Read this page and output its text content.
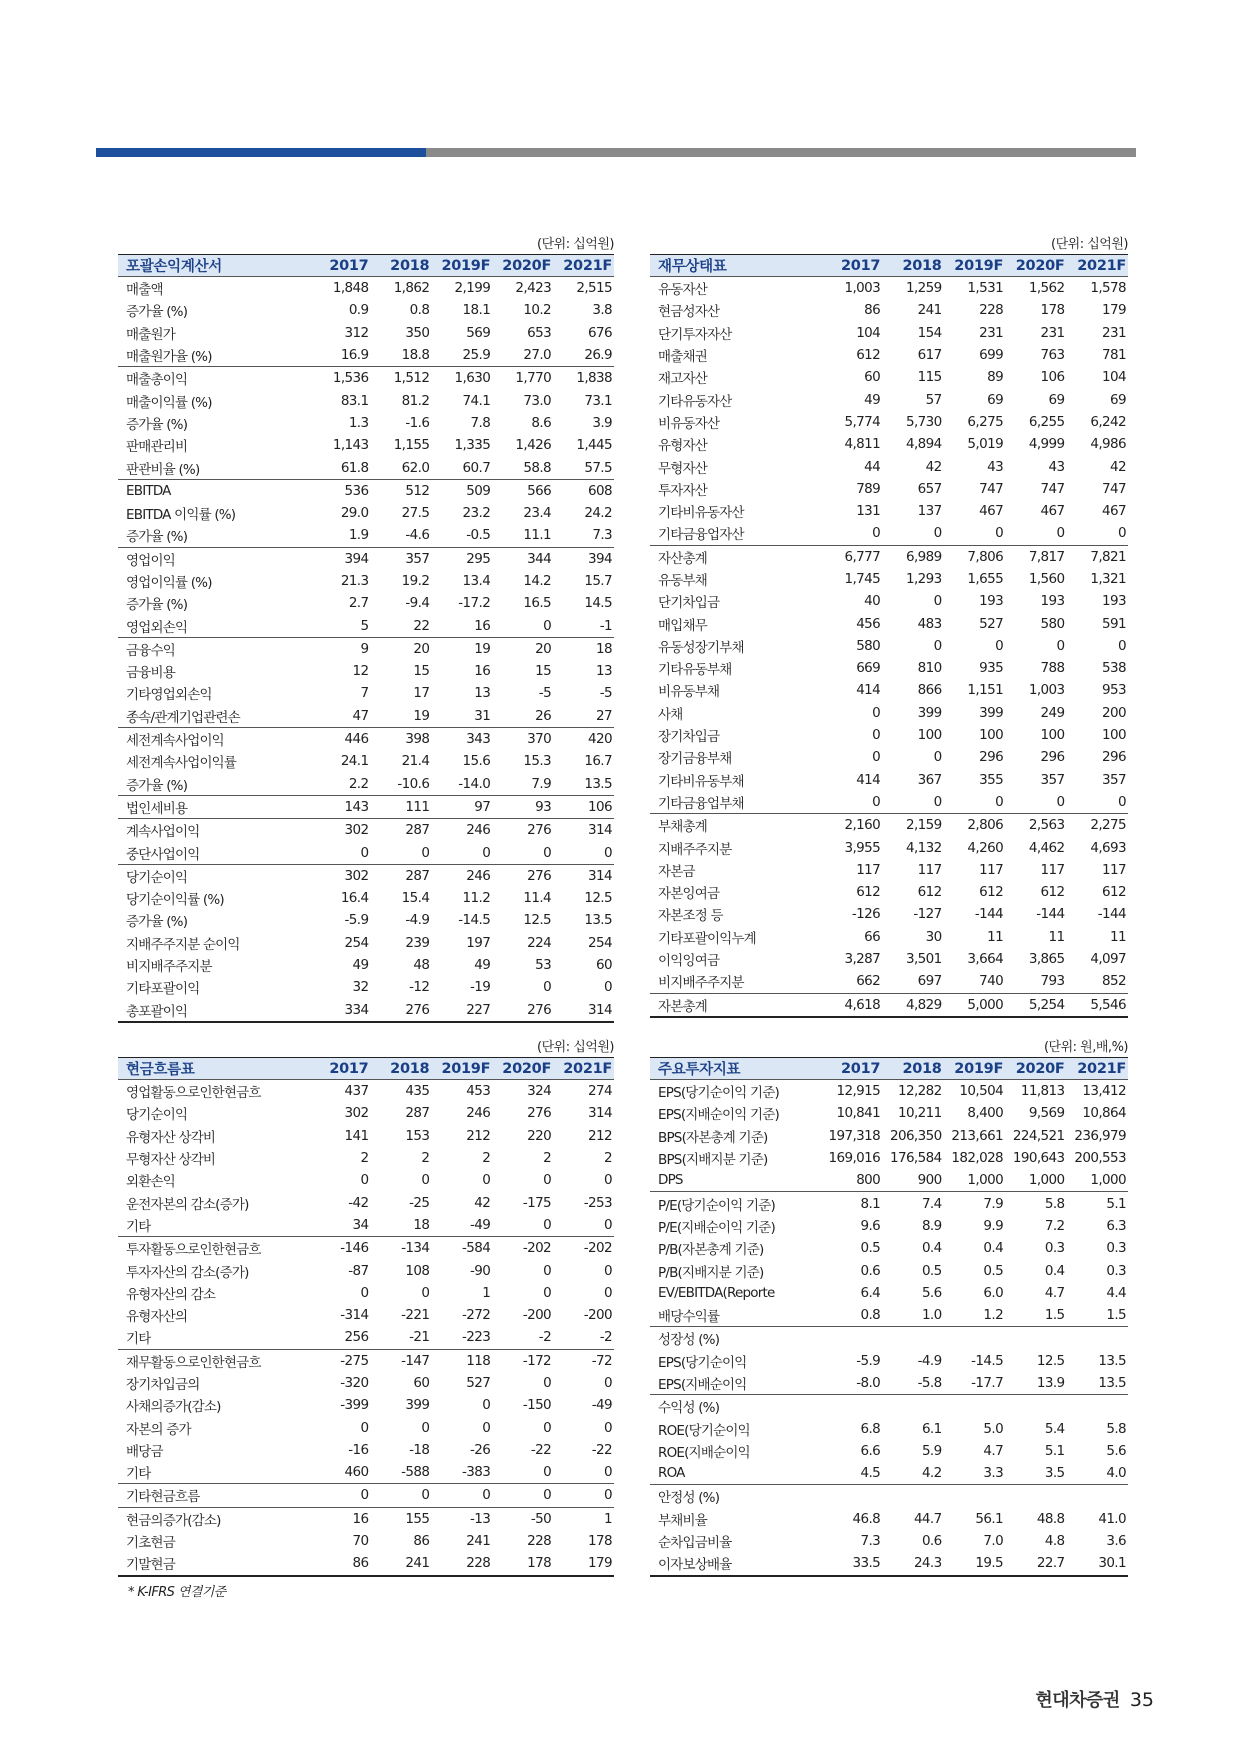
(단위: 십억원)
포괄손익계산서	2017	2018	2019F	2020F	2021F
매출액	1,848	1,862	2,199	2,423	2,515
증가율 (%)	0.9	0.8	18.1	10.2	3.8
매출원가	312	350	569	653	676
매출원가율 (%)	16.9	18.8	25.9	27.0	26.9
매출총이익	1,536	1,512	1,630	1,770	1,838
매출이익률 (%)	83.1	81.2	74.1	73.0	73.1
증가율 (%)	1.3	-1.6	7.8	8.6	3.9
판매관리비	1,143	1,155	1,335	1,426	1,445
판관비율 (%)	61.8	62.0	60.7	58.8	57.5
EBITDA	536	512	509	566	608
EBITDA 이익률 (%)	29.0	27.5	23.2	23.4	24.2
증가율 (%)	1.9	-4.6	-0.5	11.1	7.3
영업이익	394	357	295	344	394
영업이익률 (%)	21.3	19.2	13.4	14.2	15.7
증가율 (%)	2.7	-9.4	-17.2	16.5	14.5
영업외손익	5	22	16	0	-1
금융수익	9	20	19	20	18
금융비용	12	15	16	15	13
기타영업외손익	7	17	13	-5	-5
종속/관계기업관련손	47	19	31	26	27
세전계속사업이익	446	398	343	370	420
세전계속사업이익률	24.1	21.4	15.6	15.3	16.7
증가율 (%)	2.2	-10.6	-14.0	7.9	13.5
법인세비용	143	111	97	93	106
계속사업이익	302	287	246	276	314
중단사업이익	0	0	0	0	0
당기순이익	302	287	246	276	314
당기순이익률 (%)	16.4	15.4	11.2	11.4	12.5
증가율 (%)	-5.9	-4.9	-14.5	12.5	13.5
지배주주지분 순이익	254	239	197	224	254
비지배주주지분	49	48	49	53	60
기타포괄이익	32	-12	-19	0	0
총포괄이익	334	276	227	276	314
(단위: 십억원)
재무상태표	2017	2018	2019F	2020F	2021F
유동자산	1,003	1,259	1,531	1,562	1,578
현금성자산	86	241	228	178	179
단기투자자산	104	154	231	231	231
매출채권	612	617	699	763	781
재고자산	60	115	89	106	104
기타유동자산	49	57	69	69	69
비유동자산	5,774	5,730	6,275	6,255	6,242
유형자산	4,811	4,894	5,019	4,999	4,986
무형자산	44	42	43	43	42
투자자산	789	657	747	747	747
기타비유동자산	131	137	467	467	467
기타금융업자산	0	0	0	0	0
자산총계	6,777	6,989	7,806	7,817	7,821
유동부채	1,745	1,293	1,655	1,560	1,321
단기차입금	40	0	193	193	193
매입채무	456	483	527	580	591
유동성장기부채	580	0	0	0	0
기타유동부채	669	810	935	788	538
비유동부채	414	866	1,151	1,003	953
사채	0	399	399	249	200
장기차입금	0	100	100	100	100
장기금융부채	0	0	296	296	296
기타비유동부채	414	367	355	357	357
기타금융업부채	0	0	0	0	0
부채총계	2,160	2,159	2,806	2,563	2,275
지배주주지분	3,955	4,132	4,260	4,462	4,693
자본금	117	117	117	117	117
자본잉여금	612	612	612	612	612
자본조정 등	-126	-127	-144	-144	-144
기타포괄이익누계	66	30	11	11	11
이익잉여금	3,287	3,501	3,664	3,865	4,097
비지배주주지분	662	697	740	793	852
자본총계	4,618	4,829	5,000	5,254	5,546
(단위: 십억원)
현금흐름표	2017	2018	2019F	2020F	2021F
영업활동으로인한현금흐	437	435	453	324	274
당기순이익	302	287	246	276	314
유형자산 상각비	141	153	212	220	212
무형자산 상각비	2	2	2	2	2
외환손익	0	0	0	0	0
운전자본의 감소(증가)	-42	-25	42	-175	-253
기타	34	18	-49	0	0
투자활동으로인한현금흐	-146	-134	-584	-202	-202
투자자산의 감소(증가)	-87	108	-90	0	0
유형자산의 감소	0	0	1	0	0
유형자산의	-314	-221	-272	-200	-200
기타	256	-21	-223	-2	-2
재무활동으로인한현금흐	-275	-147	118	-172	-72
장기차입금의	-320	60	527	0	0
사채의증가(감소)	-399	399	0	-150	-49
자본의 증가	0	0	0	0	0
배당금	-16	-18	-26	-22	-22
기타	460	-588	-383	0	0
기타현금흐름	0	0	0	0	0
현금의증가(감소)	16	155	-13	-50	1
기초현금	70	86	241	228	178
기말현금	86	241	228	178	179
(단위: 원,배,%)
주요투자지표	2017	2018	2019F	2020F	2021F
EPS(당기순이익 기준)	12,915	12,282	10,504	11,813	13,412
EPS(지배순이익 기준)	10,841	10,211	8,400	9,569	10,864
BPS(자본총계 기준)	197,318	206,350	213,661	224,521	236,979
BPS(지배지분 기준)	169,016	176,584	182,028	190,643	200,553
DPS	800	900	1,000	1,000	1,000
P/E(당기순이익 기준)	8.1	7.4	7.9	5.8	5.1
P/E(지배순이익 기준)	9.6	8.9	9.9	7.2	6.3
P/B(자본총계 기준)	0.5	0.4	0.4	0.3	0.3
P/B(지배지분 기준)	0.6	0.5	0.5	0.4	0.3
EV/EBITDA(Reporte	6.4	5.6	6.0	4.7	4.4
배당수익률	0.8	1.0	1.2	1.5	1.5
성장성 (%)					
EPS(당기순이익	-5.9	-4.9	-14.5	12.5	13.5
EPS(지배순이익	-8.0	-5.8	-17.7	13.9	13.5
수익성 (%)					
ROE(당기순이익	6.8	6.1	5.0	5.4	5.8
ROE(지배순이익	6.6	5.9	4.7	5.1	5.6
ROA	4.5	4.2	3.3	3.5	4.0
안정성 (%)					
부채비율	46.8	44.7	56.1	48.8	41.0
순차입금비율	7.3	0.6	7.0	4.8	3.6
이자보상배율	33.5	24.3	19.5	22.7	30.1
* K-IFRS 연결기준
현대차증권 35
